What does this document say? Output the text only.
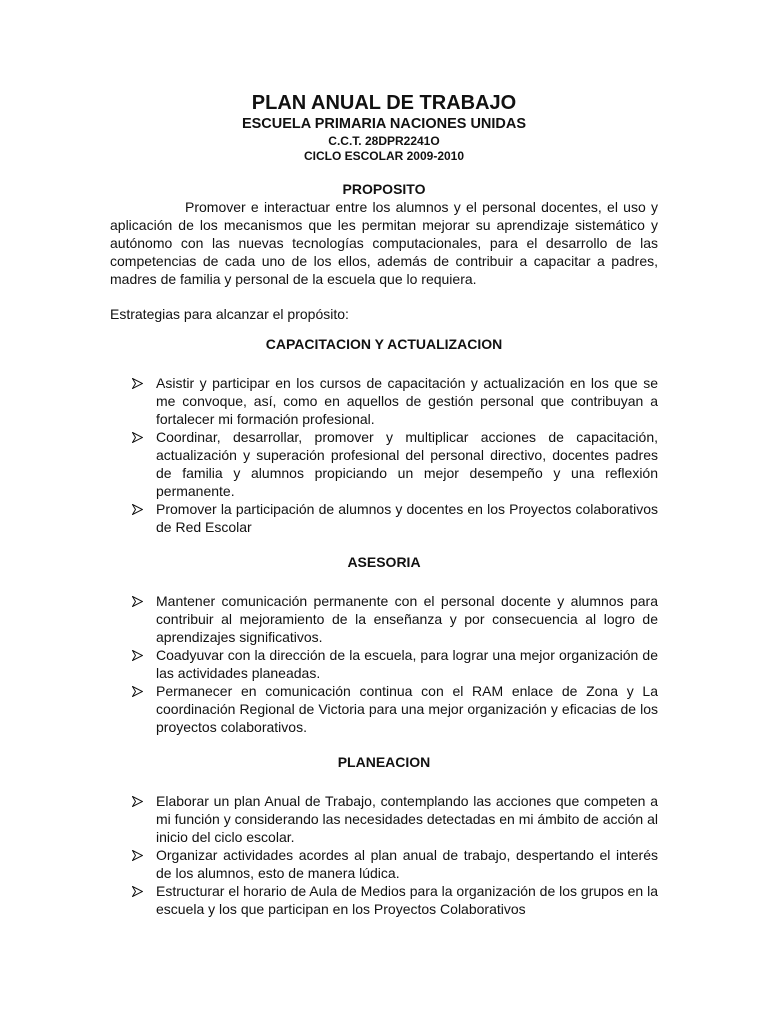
PLAN ANUAL DE TRABAJO
ESCUELA PRIMARIA NACIONES UNIDAS
C.C.T. 28DPR2241O
CICLO ESCOLAR 2009-2010
PROPOSITO

Promover e interactuar entre los alumnos y el personal docentes, el uso y aplicación de los mecanismos que les permitan mejorar su aprendizaje sistemático y autónomo con las nuevas tecnologías computacionales, para el desarrollo de las competencias de cada uno de los ellos, además de contribuir a capacitar a padres, madres de familia y personal de la escuela que lo requiera.

Estrategias para alcanzar el propósito:

CAPACITACION Y ACTUALIZACION
Asistir y participar en los cursos de capacitación y actualización en los que se me convoque, así, como en aquellos de gestión personal que contribuyan a fortalecer mi formación profesional.
Coordinar, desarrollar, promover y multiplicar acciones de capacitación, actualización y superación profesional del personal directivo, docentes padres de familia y alumnos propiciando un mejor desempeño y una reflexión permanente.
Promover la participación de alumnos y docentes en los Proyectos colaborativos de Red Escolar
ASESORIA
Mantener comunicación permanente con el personal docente y alumnos para contribuir al mejoramiento de la enseñanza y por consecuencia al logro de aprendizajes significativos.
Coadyuvar con la dirección de la escuela, para lograr una mejor organización de las actividades planeadas.
Permanecer en comunicación continua con el RAM enlace de Zona y La coordinación Regional de Victoria para una mejor organización y eficacias de los proyectos colaborativos.
PLANEACION
Elaborar un plan Anual de Trabajo, contemplando las acciones que competen a mi función y considerando las necesidades detectadas en mi ámbito de acción al inicio del ciclo escolar.
Organizar actividades acordes al plan anual de trabajo, despertando el interés de los alumnos, esto de manera lúdica.
Estructurar el horario de Aula de Medios para la organización de los grupos en la escuela y los que participan en los Proyectos Colaborativos
